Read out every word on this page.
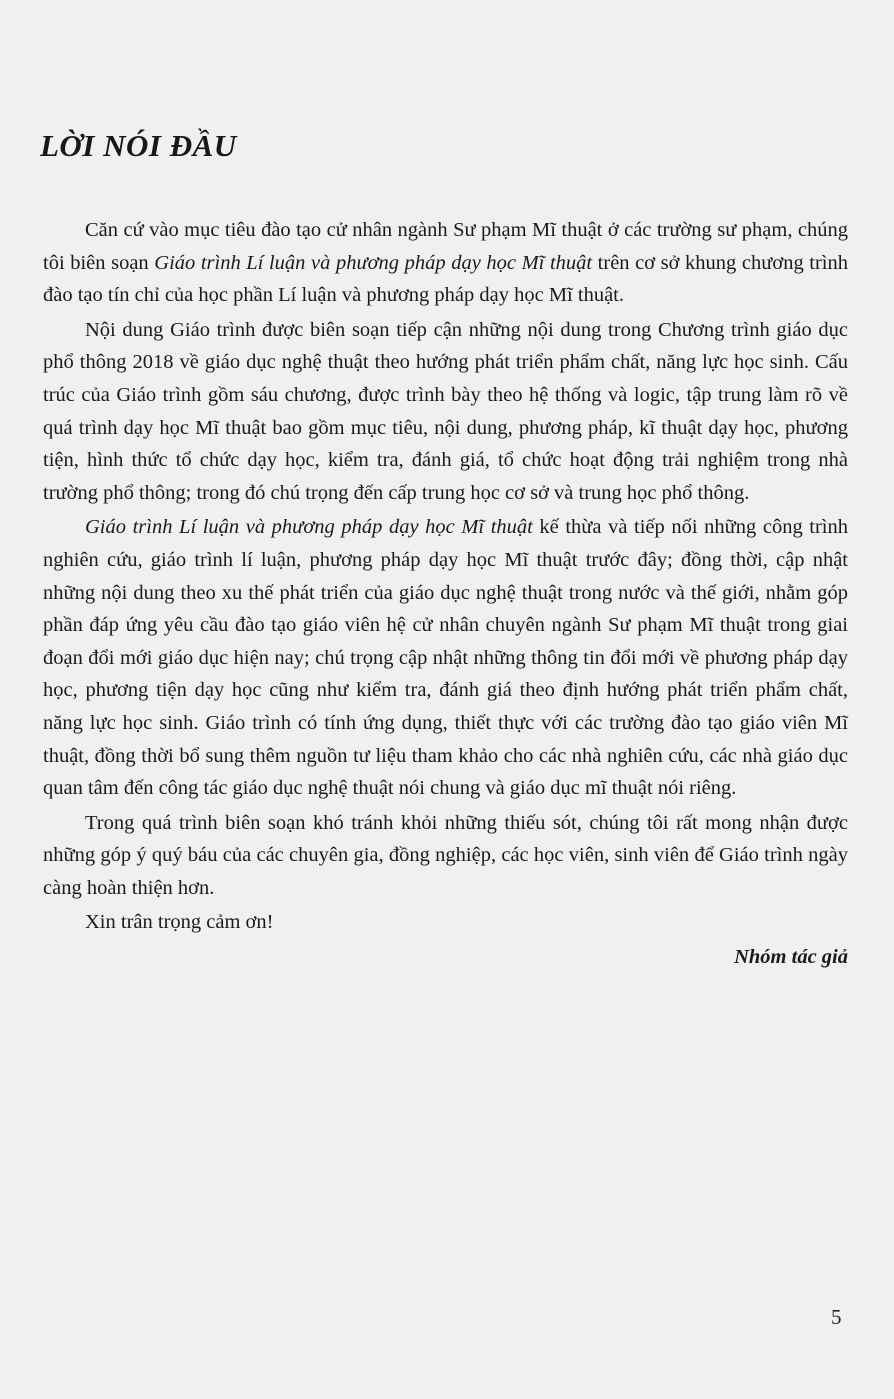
LỜI NÓI ĐẦU

Căn cứ vào mục tiêu đào tạo cử nhân ngành Sư phạm Mĩ thuật ở các trường sư phạm, chúng tôi biên soạn Giáo trình Lí luận và phương pháp dạy học Mĩ thuật trên cơ sở khung chương trình đào tạo tín chỉ của học phần Lí luận và phương pháp dạy học Mĩ thuật.

Nội dung Giáo trình được biên soạn tiếp cận những nội dung trong Chương trình giáo dục phổ thông 2018 về giáo dục nghệ thuật theo hướng phát triển phẩm chất, năng lực học sinh. Cấu trúc của Giáo trình gồm sáu chương, được trình bày theo hệ thống và logic, tập trung làm rõ về quá trình dạy học Mĩ thuật bao gồm mục tiêu, nội dung, phương pháp, kĩ thuật dạy học, phương tiện, hình thức tổ chức dạy học, kiểm tra, đánh giá, tổ chức hoạt động trải nghiệm trong nhà trường phổ thông; trong đó chú trọng đến cấp trung học cơ sở và trung học phổ thông.

Giáo trình Lí luận và phương pháp dạy học Mĩ thuật kế thừa và tiếp nối những công trình nghiên cứu, giáo trình lí luận, phương pháp dạy học Mĩ thuật trước đây; đồng thời, cập nhật những nội dung theo xu thế phát triển của giáo dục nghệ thuật trong nước và thế giới, nhằm góp phần đáp ứng yêu cầu đào tạo giáo viên hệ cử nhân chuyên ngành Sư phạm Mĩ thuật trong giai đoạn đổi mới giáo dục hiện nay; chú trọng cập nhật những thông tin đổi mới về phương pháp dạy học, phương tiện dạy học cũng như kiểm tra, đánh giá theo định hướng phát triển phẩm chất, năng lực học sinh. Giáo trình có tính ứng dụng, thiết thực với các trường đào tạo giáo viên Mĩ thuật, đồng thời bổ sung thêm nguồn tư liệu tham khảo cho các nhà nghiên cứu, các nhà giáo dục quan tâm đến công tác giáo dục nghệ thuật nói chung và giáo dục mĩ thuật nói riêng.

Trong quá trình biên soạn khó tránh khỏi những thiếu sót, chúng tôi rất mong nhận được những góp ý quý báu của các chuyên gia, đồng nghiệp, các học viên, sinh viên để Giáo trình ngày càng hoàn thiện hơn.

Xin trân trọng cảm ơn!

Nhóm tác giả

5
